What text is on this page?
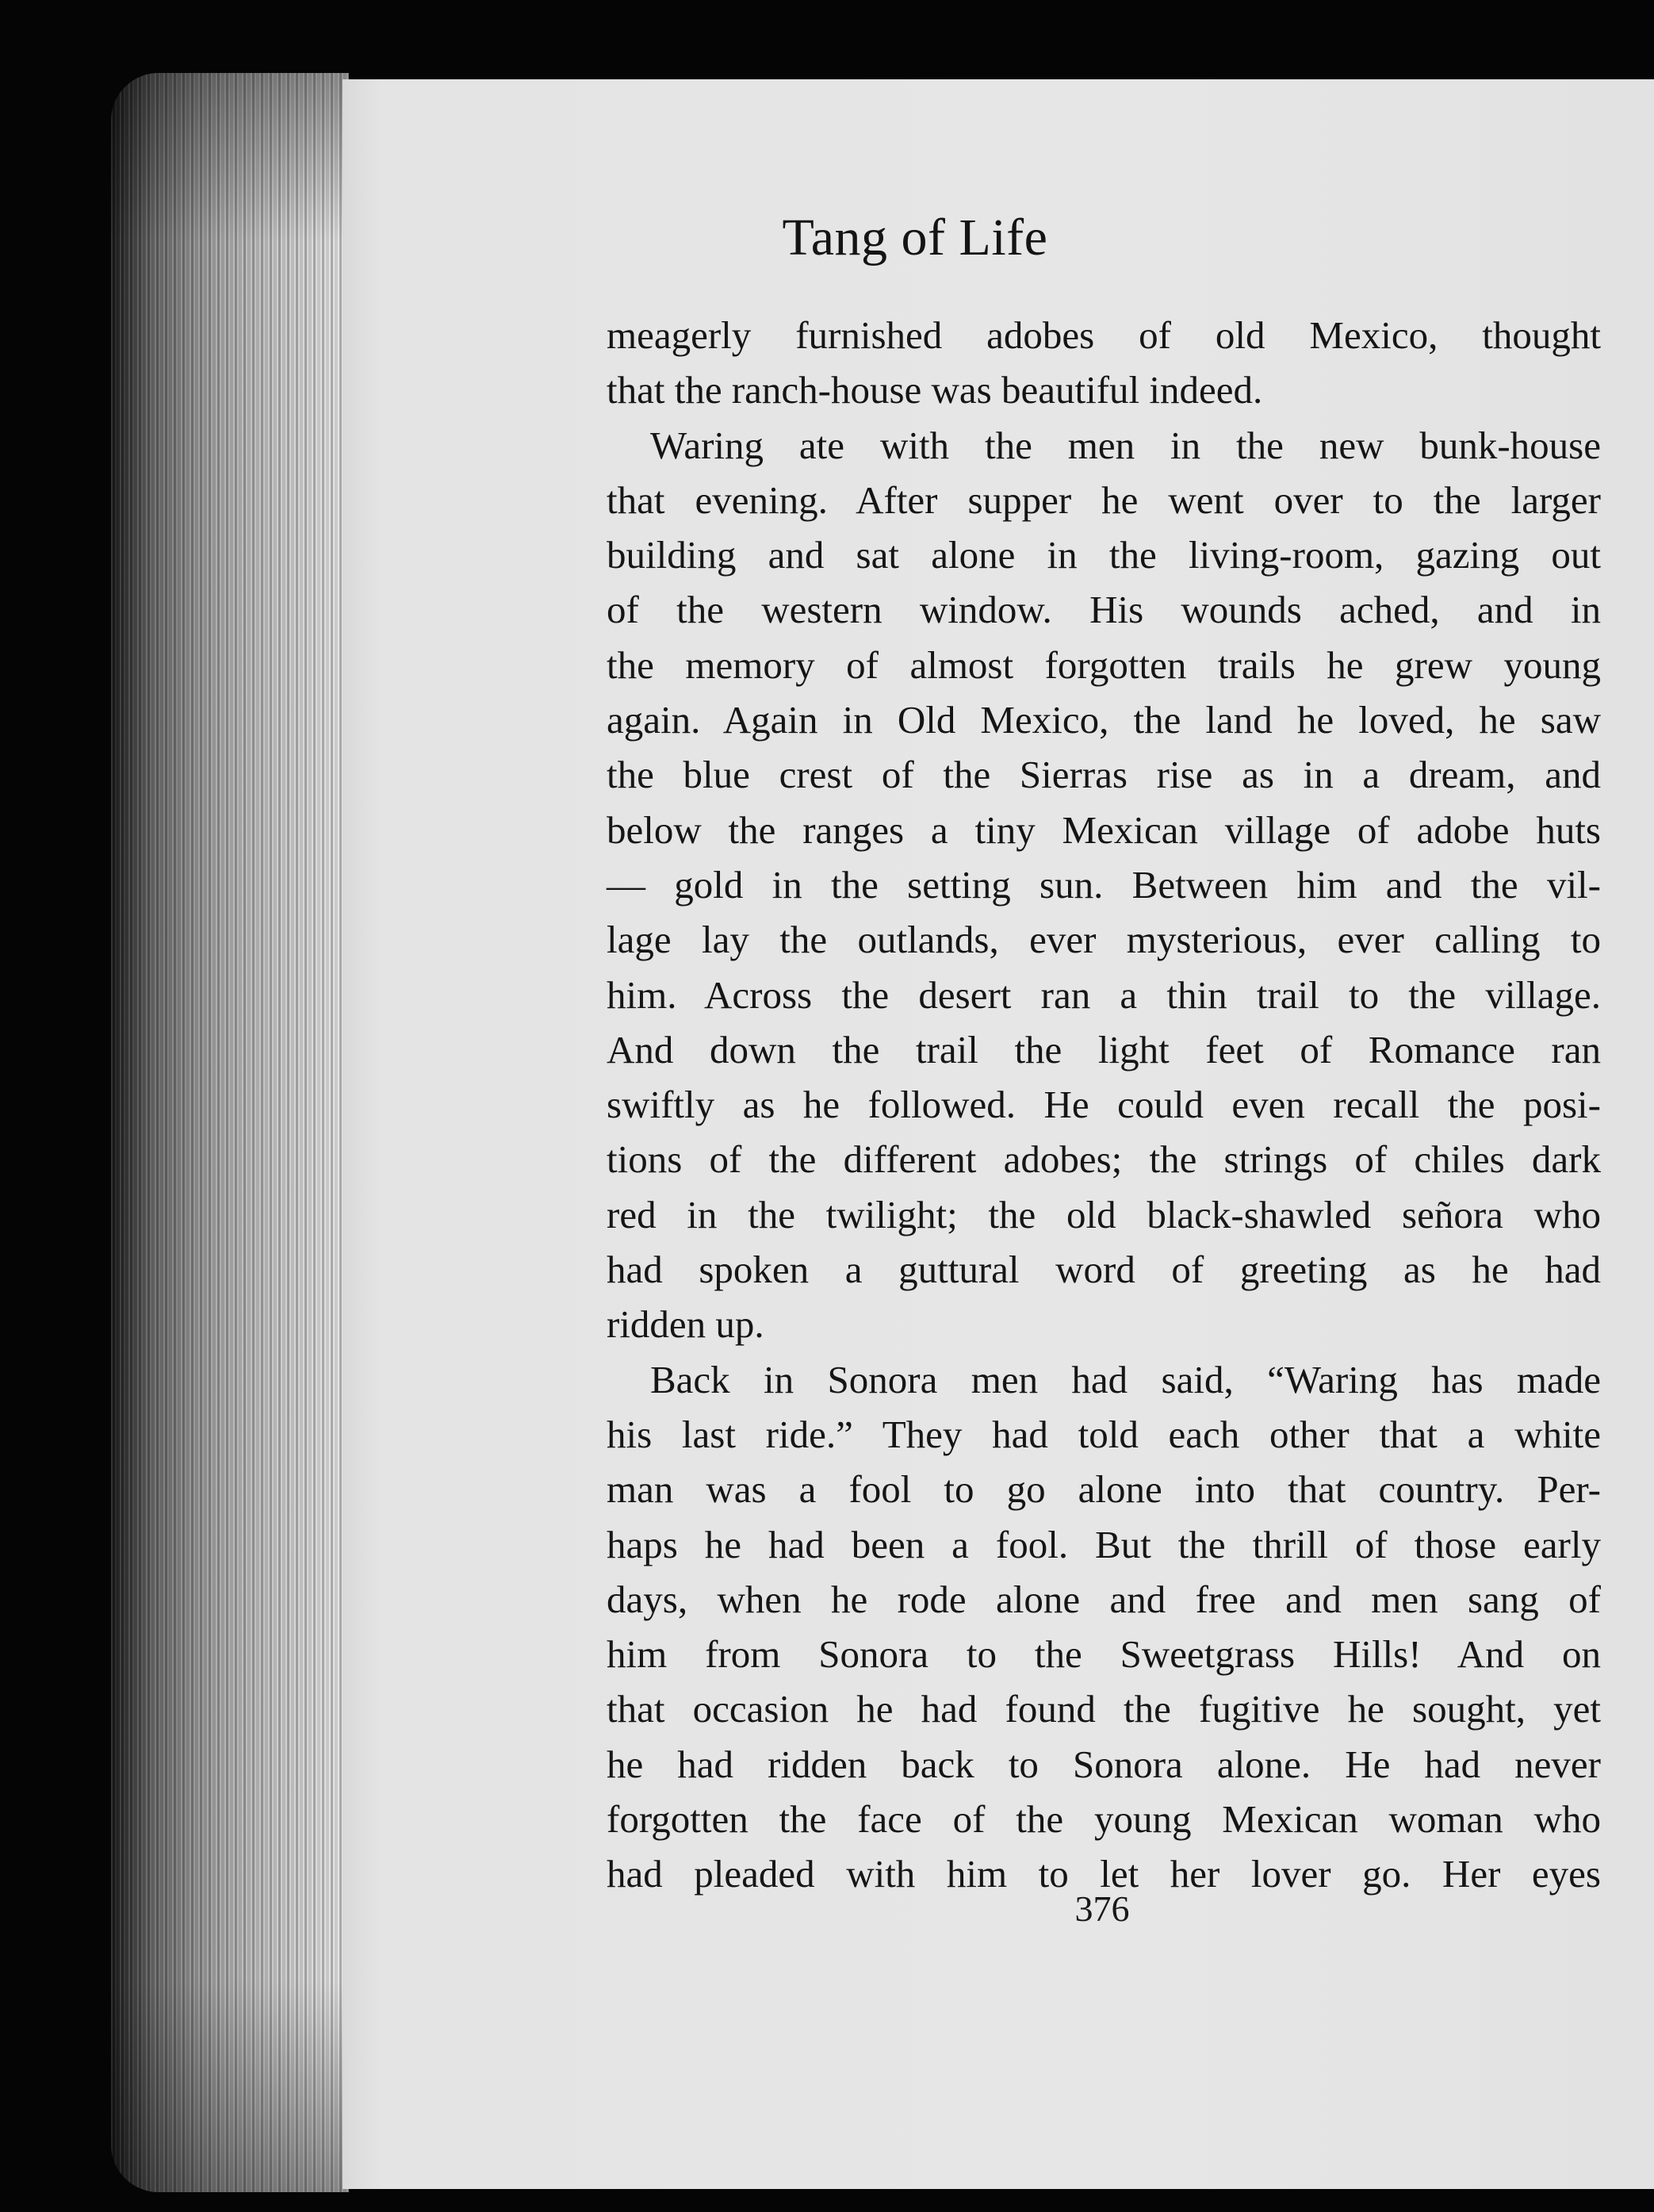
Tang of Life
meagerly furnished adobes of old Mexico, thought
that the ranch-house was beautiful indeed.
Waring ate with the men in the new bunk-house
that evening. After supper he went over to the larger
building and sat alone in the living-room, gazing out
of the western window. His wounds ached, and in
the memory of almost forgotten trails he grew young
again. Again in Old Mexico, the land he loved, he saw
the blue crest of the Sierras rise as in a dream, and
below the ranges a tiny Mexican village of adobe huts
— gold in the setting sun. Between him and the vil-
lage lay the outlands, ever mysterious, ever calling to
him. Across the desert ran a thin trail to the village.
And down the trail the light feet of Romance ran
swiftly as he followed. He could even recall the posi-
tions of the different adobes; the strings of chiles dark
red in the twilight; the old black-shawled señora who
had spoken a guttural word of greeting as he had
ridden up.
Back in Sonora men had said, “Waring has made
his last ride.” They had told each other that a white
man was a fool to go alone into that country. Per-
haps he had been a fool. But the thrill of those early
days, when he rode alone and free and men sang of
him from Sonora to the Sweetgrass Hills! And on
that occasion he had found the fugitive he sought, yet
he had ridden back to Sonora alone. He had never
forgotten the face of the young Mexican woman who
had pleaded with him to let her lover go. Her eyes
376
